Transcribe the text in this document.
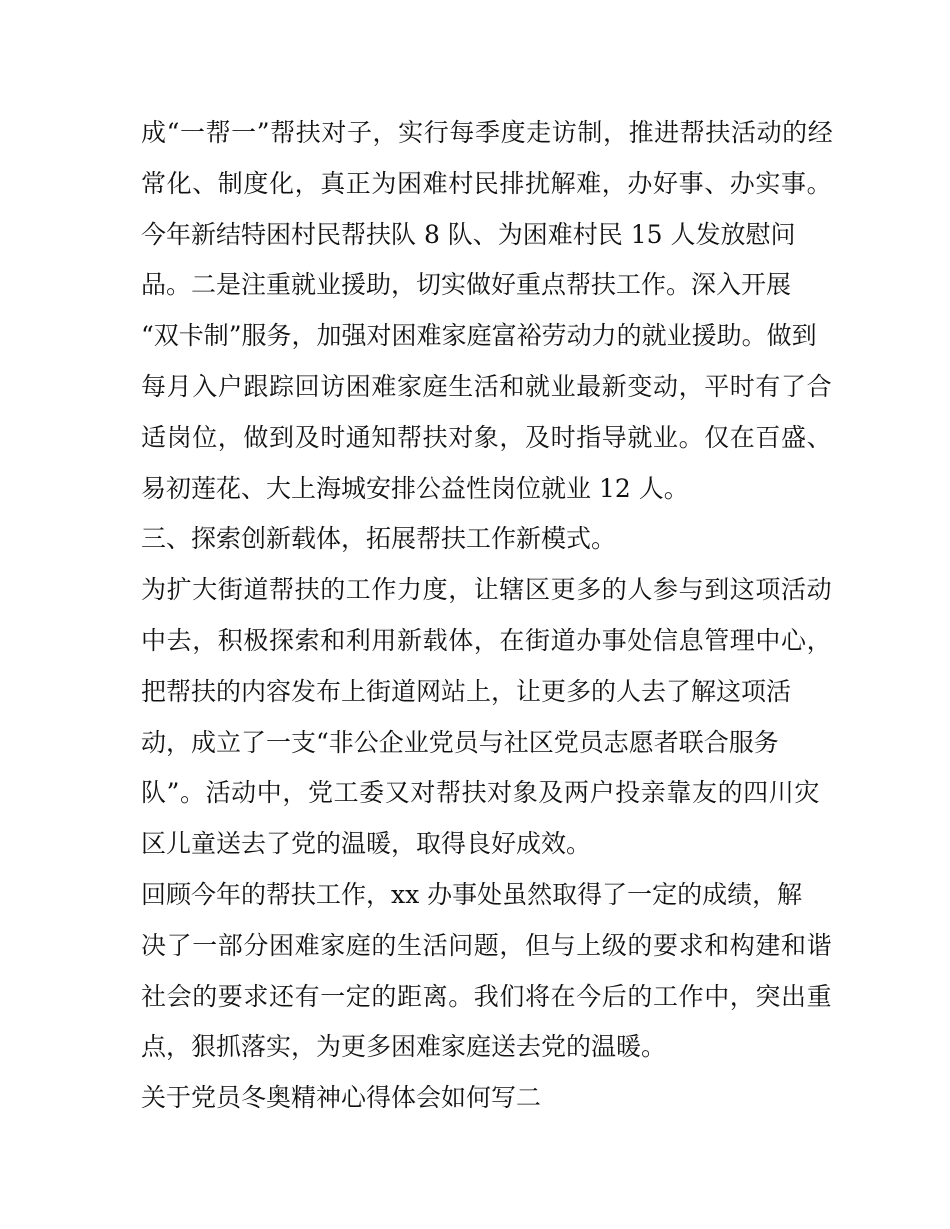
成“一帮一”帮扶对子，实行每季度走访制，推进帮扶活动的经
常化、制度化，真正为困难村民排扰解难，办好事、办实事。
今年新结特困村民帮扶队 8 队、为困难村民 15 人发放慰问
品。二是注重就业援助，切实做好重点帮扶工作。深入开展
“双卡制”服务，加强对困难家庭富裕劳动力的就业援助。做到
每月入户跟踪回访困难家庭生活和就业最新变动，平时有了合
适岗位，做到及时通知帮扶对象，及时指导就业。仅在百盛、
易初莲花、大上海城安排公益性岗位就业 12 人。
三、探索创新载体，拓展帮扶工作新模式。
为扩大街道帮扶的工作力度，让辖区更多的人参与到这项活动
中去，积极探索和利用新载体，在街道办事处信息管理中心，
把帮扶的内容发布上街道网站上，让更多的人去了解这项活
动，成立了一支“非公企业党员与社区党员志愿者联合服务
队”。活动中，党工委又对帮扶对象及两户投亲靠友的四川灾
区儿童送去了党的温暖，取得良好成效。
回顾今年的帮扶工作，xx 办事处虽然取得了一定的成绩，解
决了一部分困难家庭的生活问题，但与上级的要求和构建和谐
社会的要求还有一定的距离。我们将在今后的工作中，突出重
点，狠抓落实，为更多困难家庭送去党的温暖。
关于党员冬奥精神心得体会如何写二
